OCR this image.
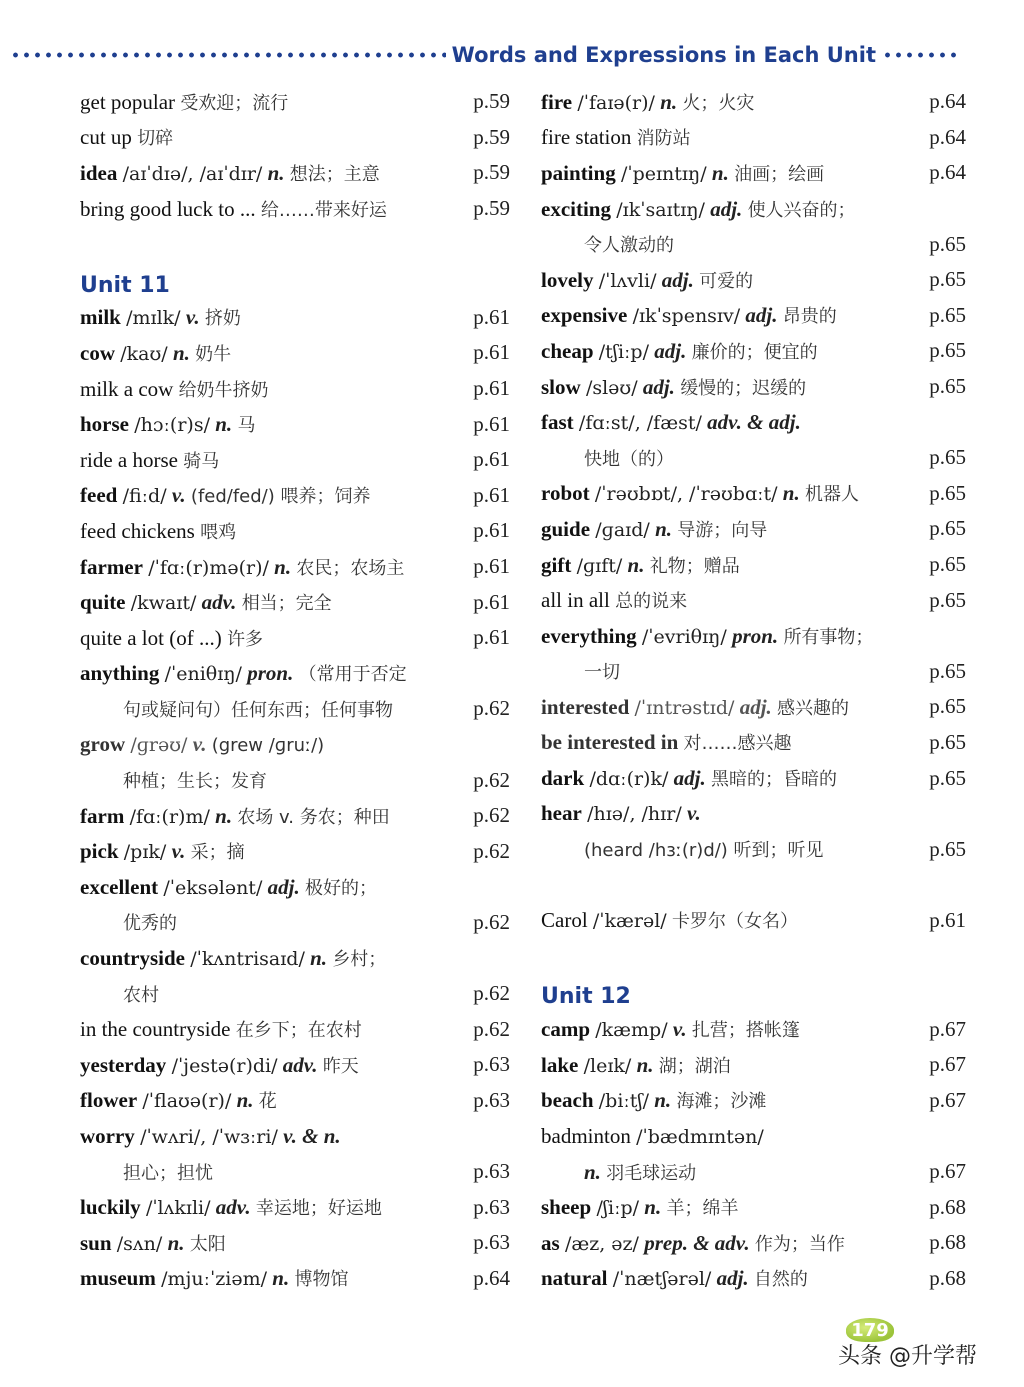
Words and Expressions in Each Unit
get popular 受欢迎；流行	p.59
cut up 切碎	p.59
idea /aɪˈdɪə/, /aɪˈdɪr/ n. 想法；主意	p.59
bring good luck to ... 给……带来好运	p.59
Unit 11
milk /mɪlk/ v. 挤奶	p.61
cow /kaʊ/ n. 奶牛	p.61
milk a cow 给奶牛挤奶	p.61
horse /hɔː(r)s/ n. 马	p.61
ride a horse 骑马	p.61
feed /fiːd/ v. (fed/fed/) 喂养；饲养	p.61
feed chickens 喂鸡	p.61
farmer /ˈfɑː(r)mə(r)/ n. 农民；农场主	p.61
quite /kwaɪt/ adv. 相当；完全	p.61
quite a lot (of ...) 许多	p.61
anything /ˈeniθɪŋ/ pron. （常用于否定
句或疑问句）任何东西；任何事物	p.62
grow /ɡrəʊ/ v. (grew /ɡruː/)
种植；生长；发育	p.62
farm /fɑː(r)m/ n. 农场 v. 务农；种田	p.62
pick /pɪk/ v. 采；摘	p.62
excellent /ˈeksələnt/ adj. 极好的；
优秀的	p.62
countryside /ˈkʌntrisaɪd/ n. 乡村；
农村	p.62
in the countryside 在乡下；在农村	p.62
yesterday /ˈjestə(r)di/ adv. 昨天	p.63
flower /ˈflaʊə(r)/ n. 花	p.63
worry /ˈwʌri/, /ˈwɜːri/ v. & n.
担心；担忧	p.63
luckily /ˈlʌkɪli/ adv. 幸运地；好运地	p.63
sun /sʌn/ n. 太阳	p.63
museum /mjuːˈziəm/ n. 博物馆	p.64
fire /ˈfaɪə(r)/ n. 火；火灾	p.64
fire station 消防站	p.64
painting /ˈpeɪntɪŋ/ n. 油画；绘画	p.64
exciting /ɪkˈsaɪtɪŋ/ adj. 使人兴奋的；
令人激动的	p.65
lovely /ˈlʌvli/ adj. 可爱的	p.65
expensive /ɪkˈspensɪv/ adj. 昂贵的	p.65
cheap /tʃiːp/ adj. 廉价的；便宜的	p.65
slow /sləʊ/ adj. 缓慢的；迟缓的	p.65
fast /fɑːst/, /fæst/ adv. & adj.
快地（的）	p.65
robot /ˈrəʊbɒt/, /ˈrəʊbɑːt/ n. 机器人	p.65
guide /ɡaɪd/ n. 导游；向导	p.65
gift /ɡɪft/ n. 礼物；赠品	p.65
all in all 总的说来	p.65
everything /ˈevriθɪŋ/ pron. 所有事物；
一切	p.65
interested /ˈɪntrəstɪd/ adj. 感兴趣的	p.65
be interested in 对……感兴趣	p.65
dark /dɑː(r)k/ adj. 黑暗的；昏暗的	p.65
hear /hɪə/, /hɪr/ v.
(heard /hɜː(r)d/) 听到；听见	p.65
Carol /ˈkærəl/ 卡罗尔（女名）	p.61
Unit 12
camp /kæmp/ v. 扎营；搭帐篷	p.67
lake /leɪk/ n. 湖；湖泊	p.67
beach /biːtʃ/ n. 海滩；沙滩	p.67
badminton /ˈbædmɪntən/
n. 羽毛球运动	p.67
sheep /ʃiːp/ n. 羊；绵羊	p.68
as /æz, əz/ prep. & adv. 作为；当作	p.68
natural /ˈnætʃərəl/ adj. 自然的	p.68
179
头条 @升学帮
